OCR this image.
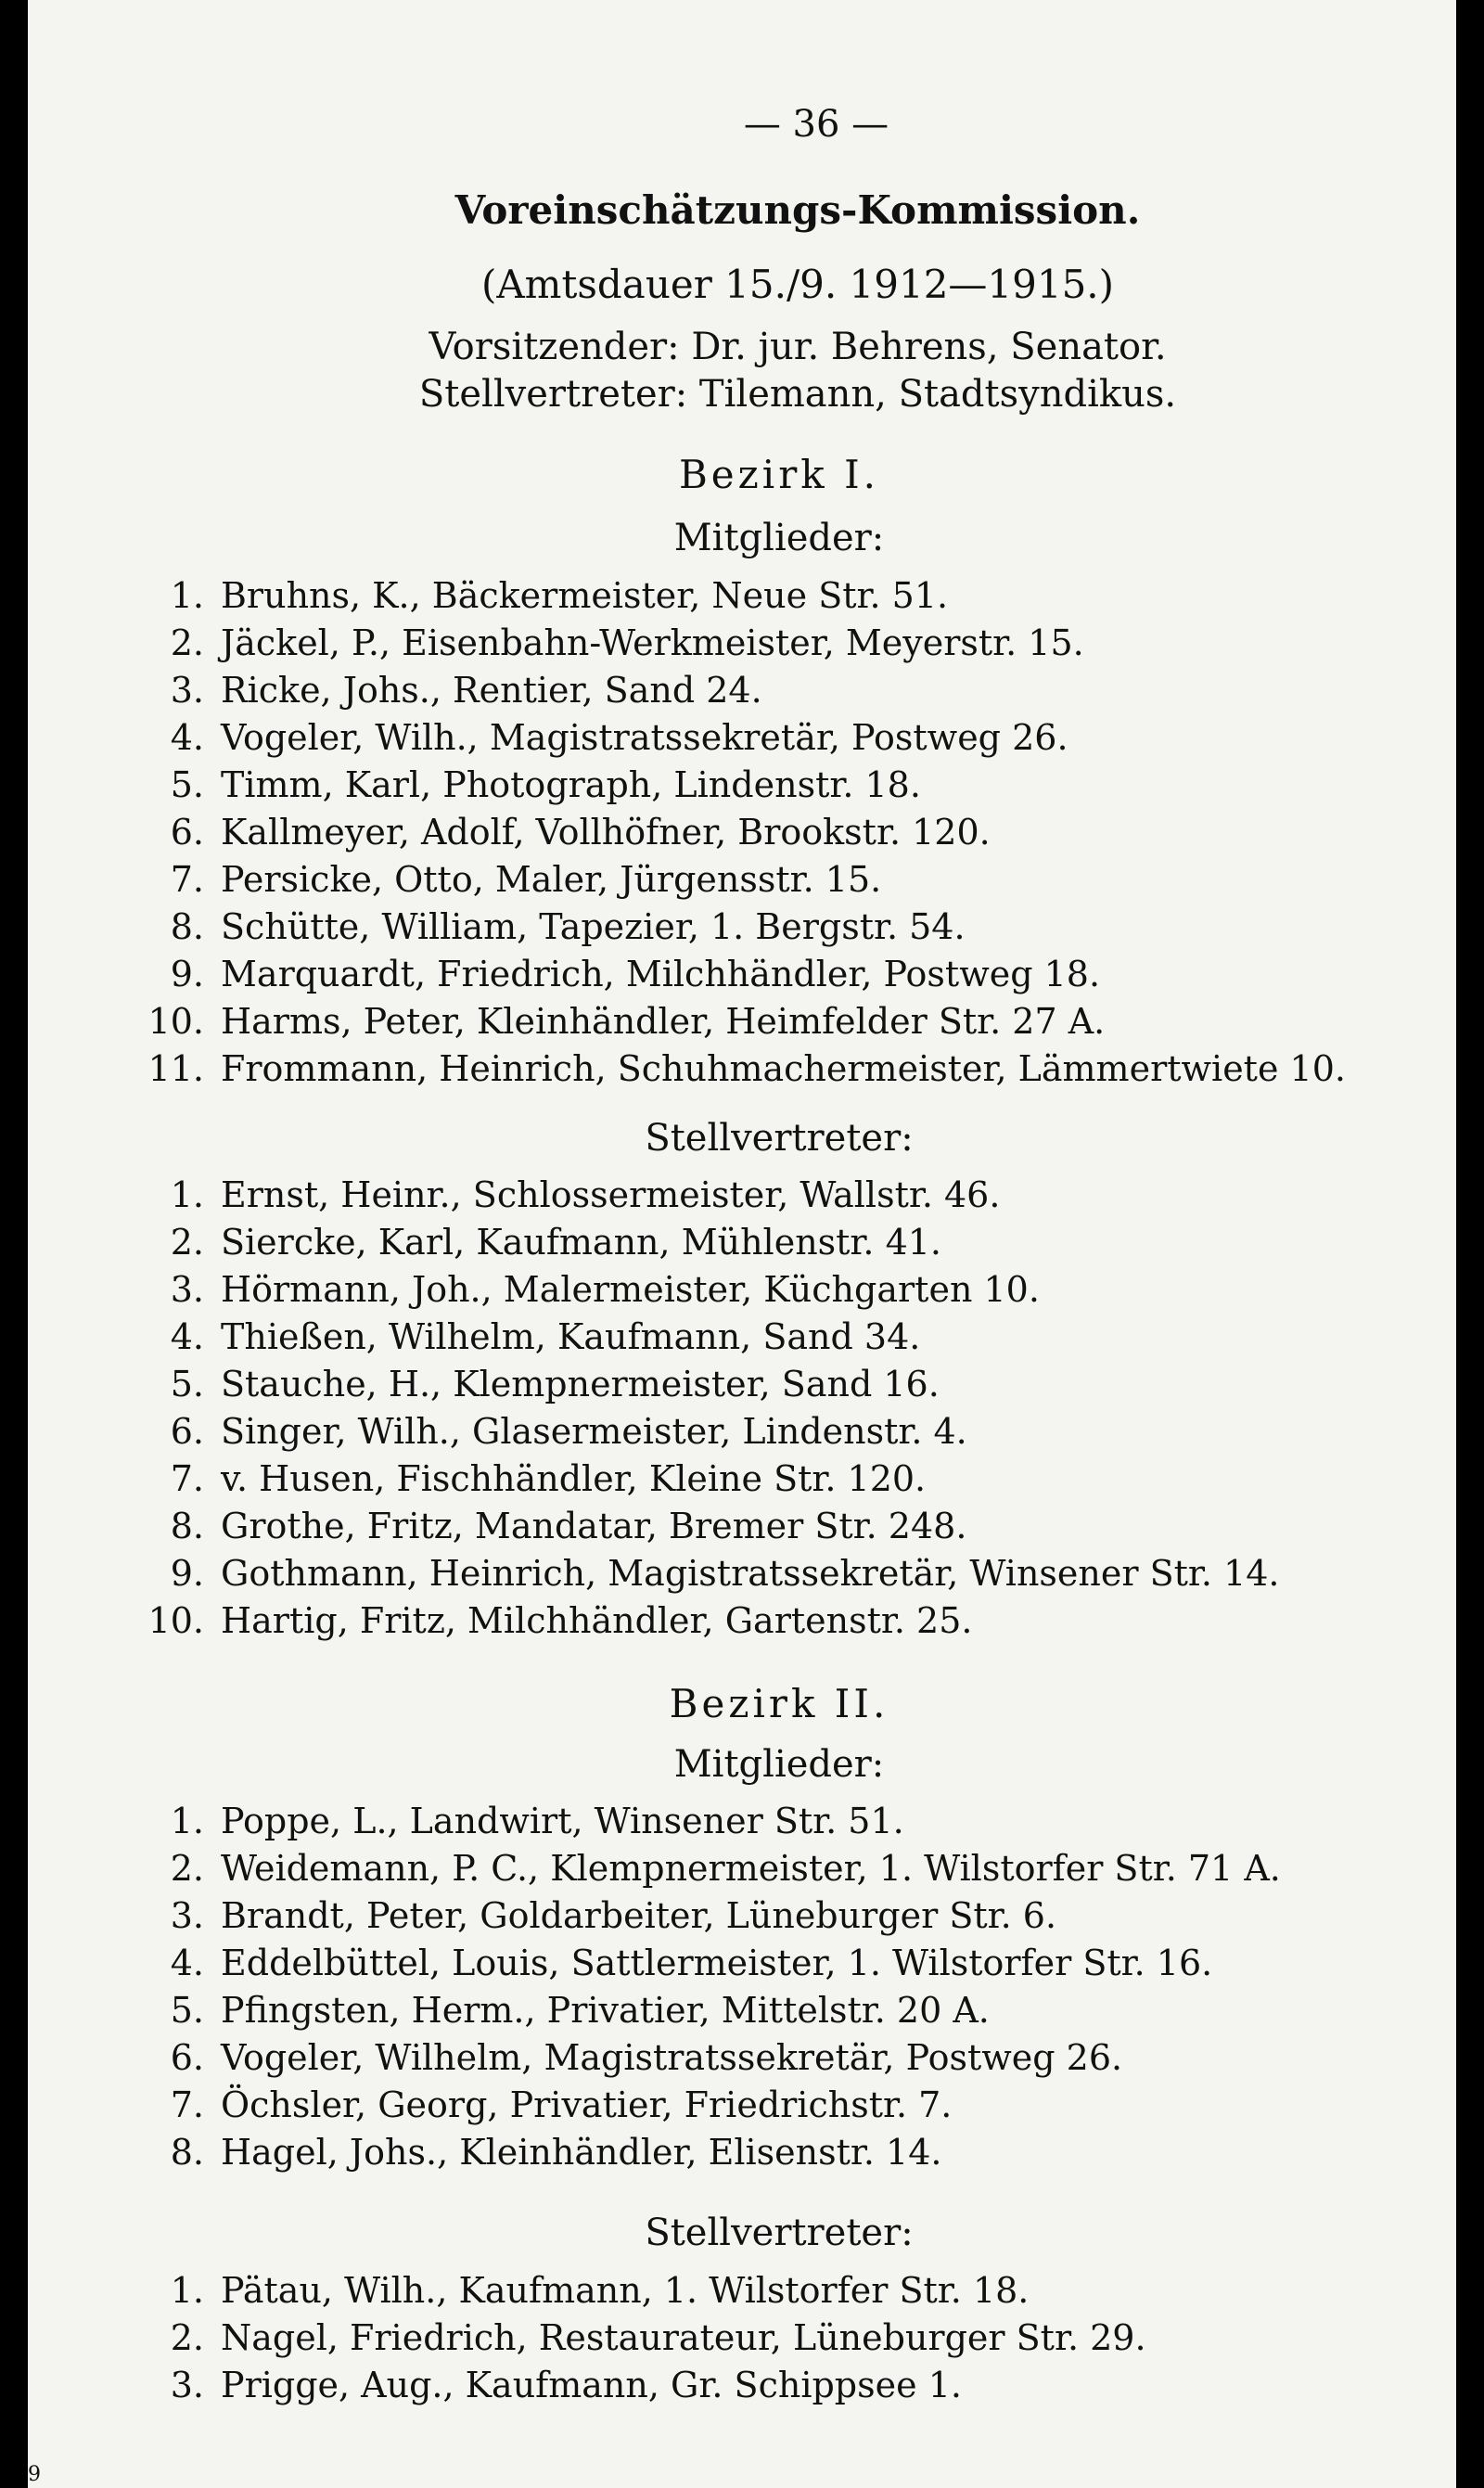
— 36 —
Voreinschätzungs-Kommission.
(Amtsdauer 15./9. 1912—1915.)
Vorsitzender: Dr. jur. Behrens, Senator.
Stellvertreter: Tilemann, Stadtsyndikus.
Bezirk I.
Mitglieder:
1. Bruhns, K., Bäckermeister, Neue Str. 51.
2. Jäckel, P., Eisenbahn-Werkmeister, Meyerstr. 15.
3. Ricke, Johs., Rentier, Sand 24.
4. Vogeler, Wilh., Magistratssekretär, Postweg 26.
5. Timm, Karl, Photograph, Lindenstr. 18.
6. Kallmeyer, Adolf, Vollhöfner, Brookstr. 120.
7. Persicke, Otto, Maler, Jürgensstr. 15.
8. Schütte, William, Tapezier, 1. Bergstr. 54.
9. Marquardt, Friedrich, Milchhändler, Postweg 18.
10. Harms, Peter, Kleinhändler, Heimfelder Str. 27 A.
11. Frommann, Heinrich, Schuhmachermeister, Lämmertwiete 10.
Stellvertreter:
1. Ernst, Heinr., Schlossermeister, Wallstr. 46.
2. Siercke, Karl, Kaufmann, Mühlenstr. 41.
3. Hörmann, Joh., Malermeister, Küchgarten 10.
4. Thießen, Wilhelm, Kaufmann, Sand 34.
5. Stauche, H., Klempnermeister, Sand 16.
6. Singer, Wilh., Glasermeister, Lindenstr. 4.
7. v. Husen, Fischhändler, Kleine Str. 120.
8. Grothe, Fritz, Mandatar, Bremer Str. 248.
9. Gothmann, Heinrich, Magistratssekretär, Winsener Str. 14.
10. Hartig, Fritz, Milchhändler, Gartenstr. 25.
Bezirk II.
Mitglieder:
1. Poppe, L., Landwirt, Winsener Str. 51.
2. Weidemann, P. C., Klempnermeister, 1. Wilstorfer Str. 71 A.
3. Brandt, Peter, Goldarbeiter, Lüneburger Str. 6.
4. Eddelbüttel, Louis, Sattlermeister, 1. Wilstorfer Str. 16.
5. Pfingsten, Herm., Privatier, Mittelstr. 20 A.
6. Vogeler, Wilhelm, Magistratssekretär, Postweg 26.
7. Öchsler, Georg, Privatier, Friedrichstr. 7.
8. Hagel, Johs., Kleinhändler, Elisenstr. 14.
Stellvertreter:
1. Pätau, Wilh., Kaufmann, 1. Wilstorfer Str. 18.
2. Nagel, Friedrich, Restaurateur, Lüneburger Str. 29.
3. Prigge, Aug., Kaufmann, Gr. Schippsee 1.
9
